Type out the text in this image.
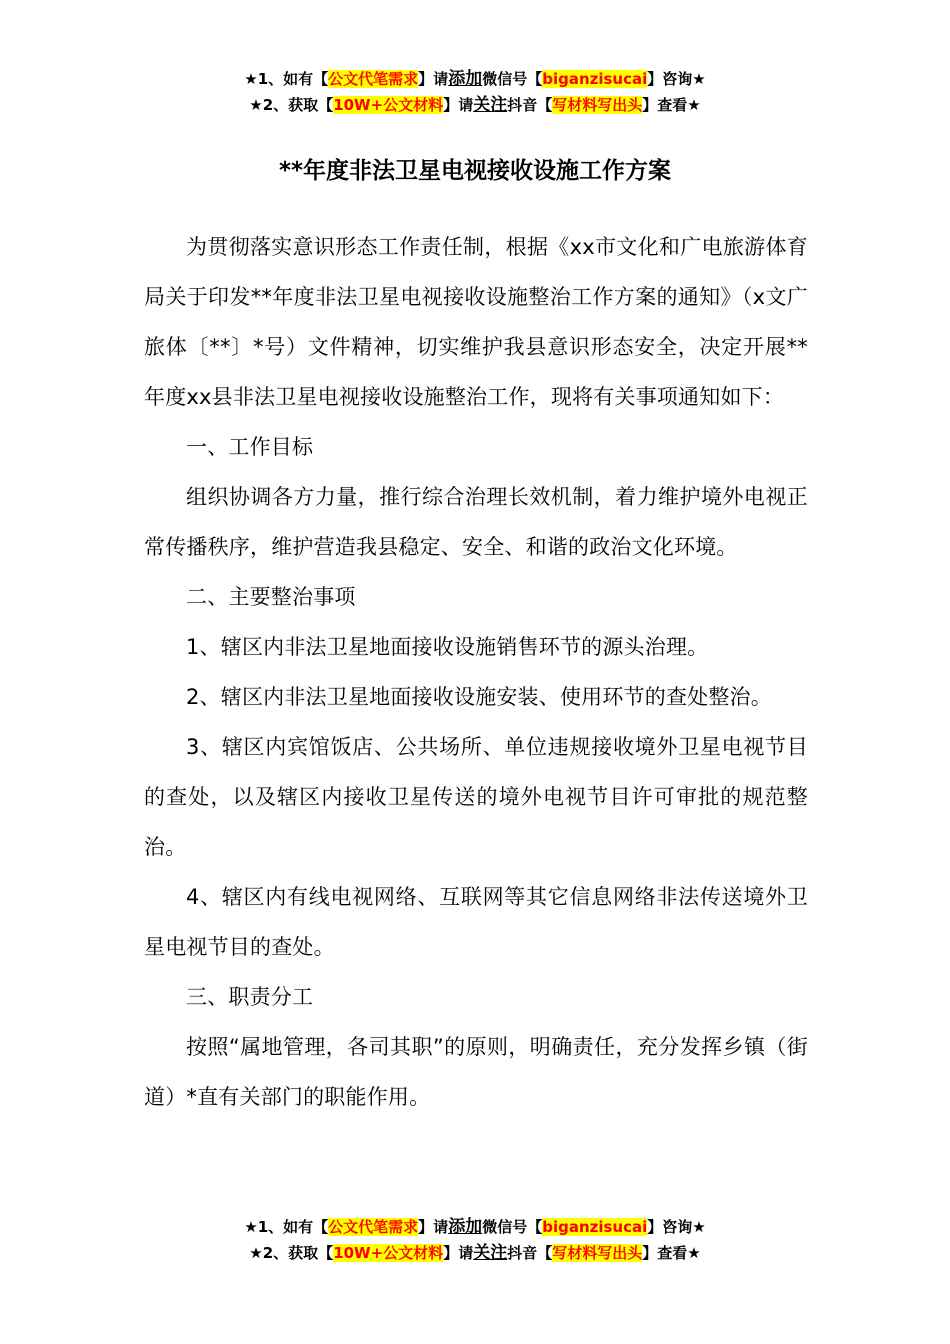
★1、如有【公文代笔需求】请添加微信号【biganzisucai】咨询★
★2、获取【10W+公文材料】请关注抖音【写材料写出头】查看★
**年度非法卫星电视接收设施工作方案

为贯彻落实意识形态工作责任制，根据《xx市文化和广电旅游体育局关于印发**年度非法卫星电视接收设施整治工作方案的通知》（x文广旅体〔**〕*号）文件精神，切实维护我县意识形态安全，决定开展**年度xx县非法卫星电视接收设施整治工作，现将有关事项通知如下：

一、工作目标

组织协调各方力量，推行综合治理长效机制，着力维护境外电视正常传播秩序，维护营造我县稳定、安全、和谐的政治文化环境。

二、主要整治事项

1、辖区内非法卫星地面接收设施销售环节的源头治理。

2、辖区内非法卫星地面接收设施安装、使用环节的查处整治。

3、辖区内宾馆饭店、公共场所、单位违规接收境外卫星电视节目的查处，以及辖区内接收卫星传送的境外电视节目许可审批的规范整治。

4、辖区内有线电视网络、互联网等其它信息网络非法传送境外卫星电视节目的查处。

三、职责分工

按照“属地管理，各司其职”的原则，明确责任，充分发挥乡镇（街道）*直有关部门的职能作用。

★1、如有【公文代笔需求】请添加微信号【biganzisucai】咨询★
★2、获取【10W+公文材料】请关注抖音【写材料写出头】查看★
